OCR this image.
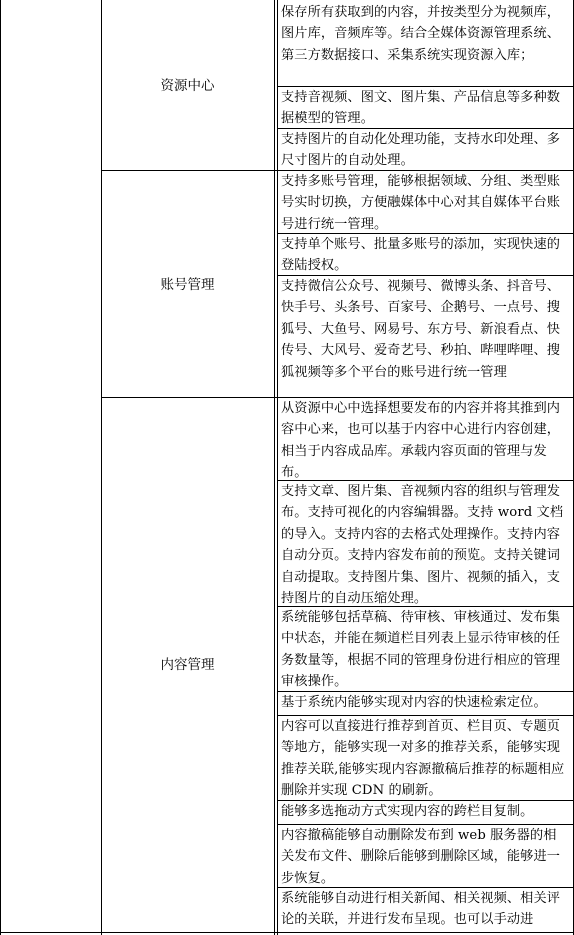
资源中心
账号管理
内容管理
保存所有获取到的内容，并按类型分为视频库，图片库，音频库等。结合全媒体资源管理系统、第三方数据接口、采集系统实现资源入库；
支持音视频、图文、图片集、产品信息等多种数据模型的管理。
支持图片的自动化处理功能，支持水印处理、多尺寸图片的自动处理。
支持多账号管理，能够根据领域、分组、类型账号实时切换，方便融媒体中心对其自媒体平台账号进行统一管理。
支持单个账号、批量多账号的添加，实现快速的登陆授权。
支持微信公众号、视频号、微博头条、抖音号、快手号、头条号、百家号、企鹅号、一点号、搜狐号、大鱼号、网易号、东方号、新浪看点、快传号、大风号、爱奇艺号、秒拍、哔哩哔哩、搜狐视频等多个平台的账号进行统一管理
从资源中心中选择想要发布的内容并将其推到内容中心来，也可以基于内容中心进行内容创建，相当于内容成品库。承载内容页面的管理与发布。
支持文章、图片集、音视频内容的组织与管理发布。支持可视化的内容编辑器。支持 word 文档的导入。支持内容的去格式处理操作。支持内容自动分页。支持内容发布前的预览。支持关键词自动提取。支持图片集、图片、视频的插入，支持图片的自动压缩处理。
系统能够包括草稿、待审核、审核通过、发布集中状态，并能在频道栏目列表上显示待审核的任务数量等，根据不同的管理身份进行相应的管理审核操作。
基于系统内能够实现对内容的快速检索定位。
内容可以直接进行推荐到首页、栏目页、专题页等地方，能够实现一对多的推荐关系，能够实现推荐关联,能够实现内容源撤稿后推荐的标题相应删除并实现 CDN 的刷新。
能够多选拖动方式实现内容的跨栏目复制。
内容撤稿能够自动删除发布到 web 服务器的相关发布文件、删除后能够到删除区域，能够进一步恢复。
系统能够自动进行相关新闻、相关视频、相关评论的关联，并进行发布呈现。也可以手动进
